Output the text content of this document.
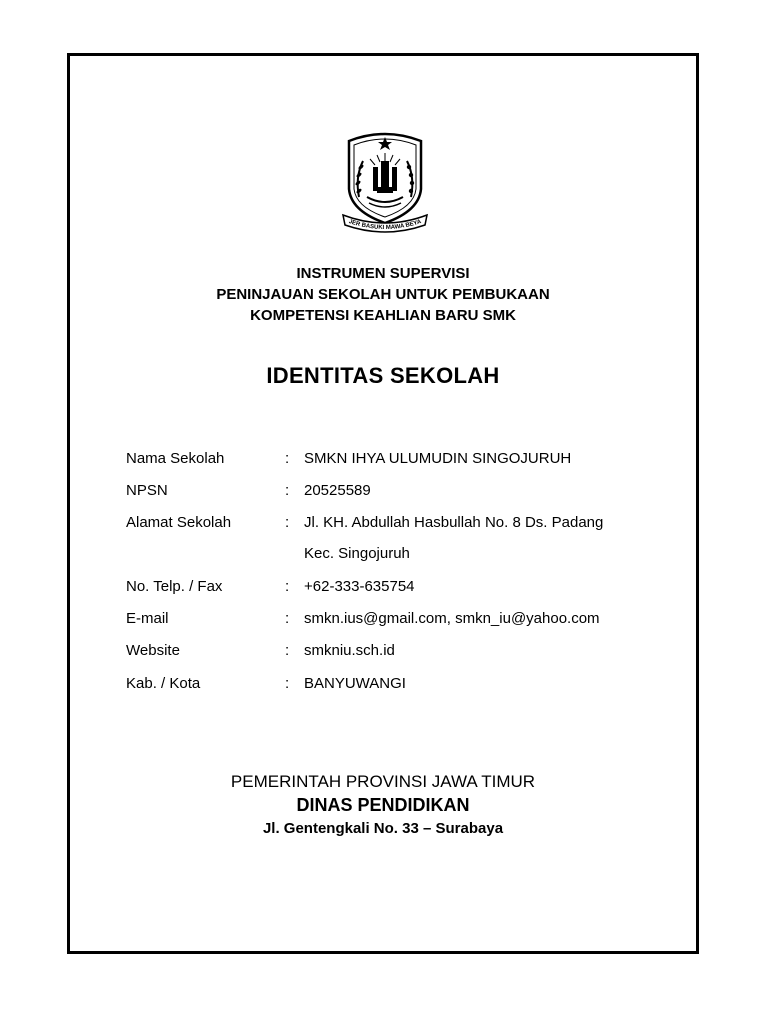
JER BASUKI MAWA BEYA
INSTRUMEN SUPERVISI
PENINJAUAN SEKOLAH UNTUK PEMBUKAAN
KOMPETENSI KEAHLIAN BARU SMK
IDENTITAS SEKOLAH
Nama Sekolah	: SMKN IHYA ULUMUDIN SINGOJURUH
NPSN	: 20525589
Alamat Sekolah	: Jl. KH. Abdullah Hasbullah No. 8 Ds. Padang
Kec. Singojuruh
No. Telp. / Fax	: +62-333-635754
E-mail	: smkn.ius@gmail.com, smkn_iu@yahoo.com
Website	: smkniu.sch.id
Kab. / Kota	: BANYUWANGI
PEMERINTAH PROVINSI JAWA TIMUR
DINAS PENDIDIKAN
Jl. Gentengkali No. 33 – Surabaya
